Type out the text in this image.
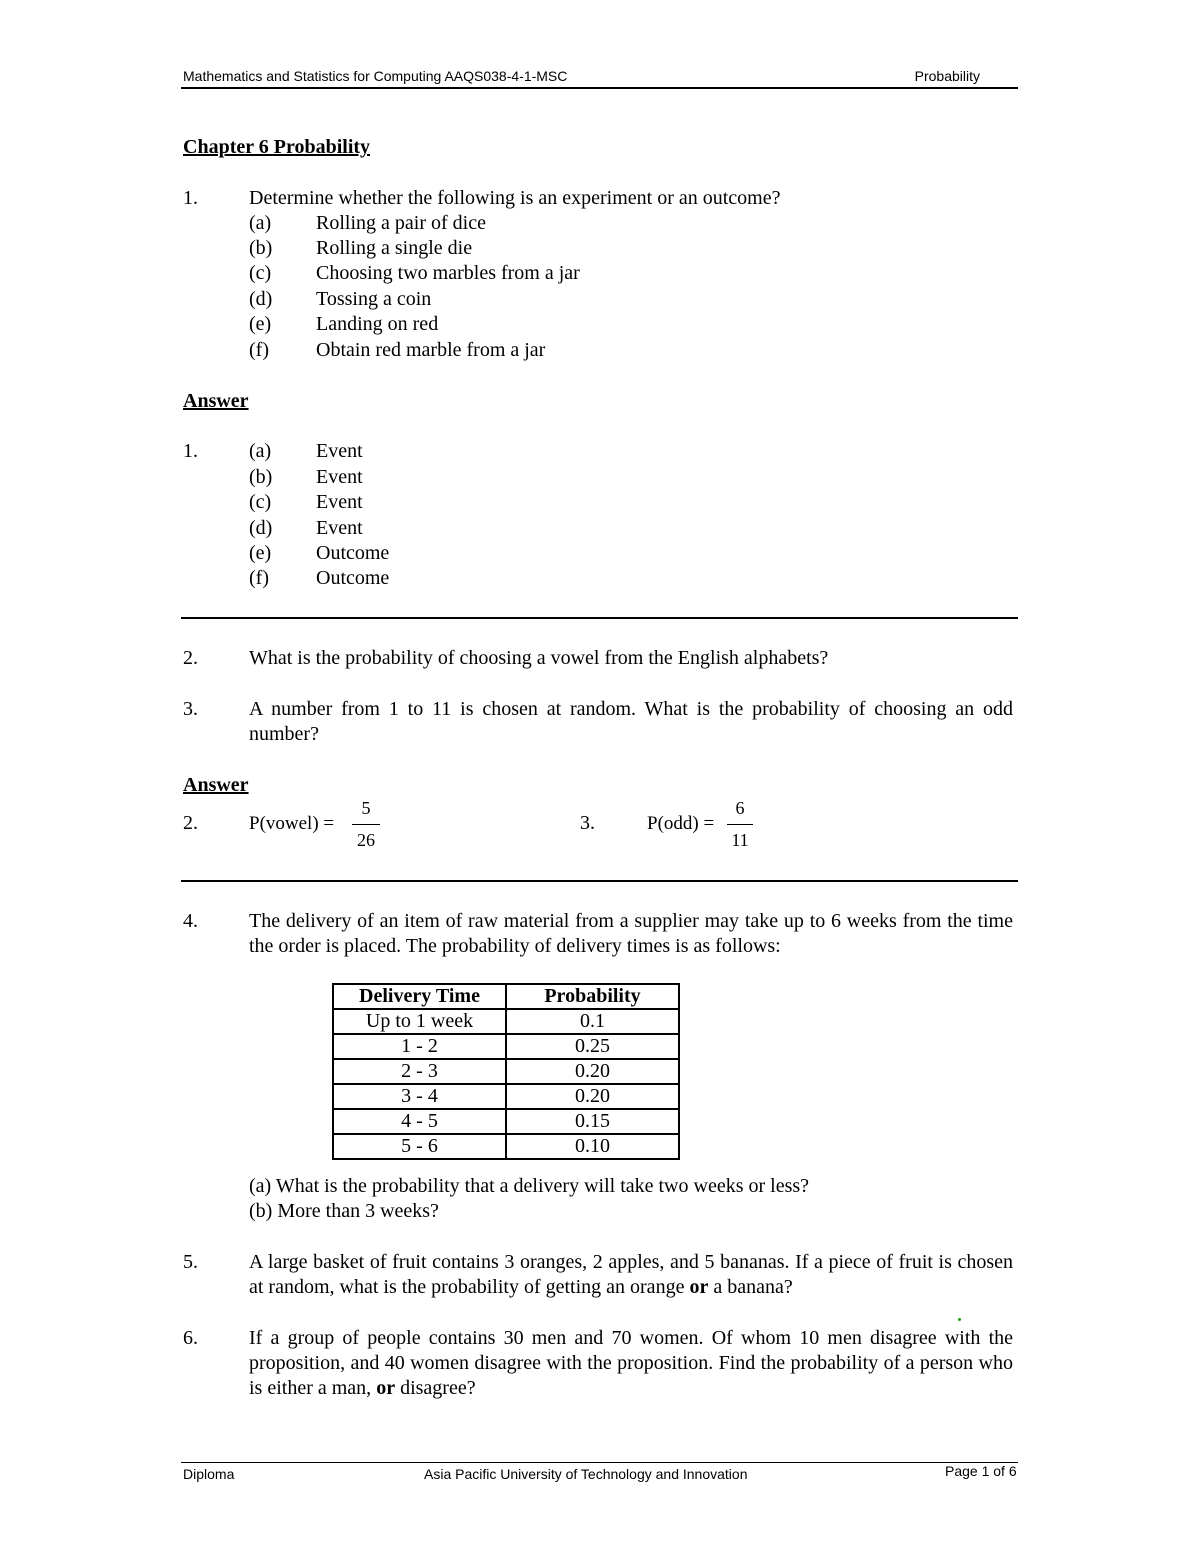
Mathematics and Statistics for Computing AAQS038-4-1-MSC	Probability
Chapter 6 Probability
1.	Determine whether the following is an experiment or an outcome?
(a) Rolling a pair of dice
(b) Rolling a single die
(c) Choosing two marbles from a jar
(d) Tossing a coin
(e) Landing on red
(f) Obtain red marble from a jar
Answer
1.	(a) Event
(b) Event
(c) Event
(d) Event
(e) Outcome
(f) Outcome
2.	What is the probability of choosing a vowel from the English alphabets?
3.	A number from 1 to 11 is chosen at random. What is the probability of choosing an odd number?
Answer
2.	P(vowel) =
5
26
3.	P(odd) =
6
11
4.	The delivery of an item of raw material from a supplier may take up to 6 weeks from the time the order is placed. The probability of delivery times is as follows:
Delivery Time	Probability
Up to 1 week	0.1
1 - 2	0.25
2 - 3	0.20
3 - 4	0.20
4 - 5	0.15
5 - 6	0.10
(a) What is the probability that a delivery will take two weeks or less?
(b) More than 3 weeks?
5.	A large basket of fruit contains 3 oranges, 2 apples, and 5 bananas. If a piece of fruit is chosen at random, what is the probability of getting an orange or a banana?
6.	If a group of people contains 30 men and 70 women. Of whom 10 men disagree with the proposition, and 40 women disagree with the proposition. Find the probability of a person who is either a man, or disagree?
Diploma	Asia Pacific University of Technology and Innovation	Page 1 of 6
